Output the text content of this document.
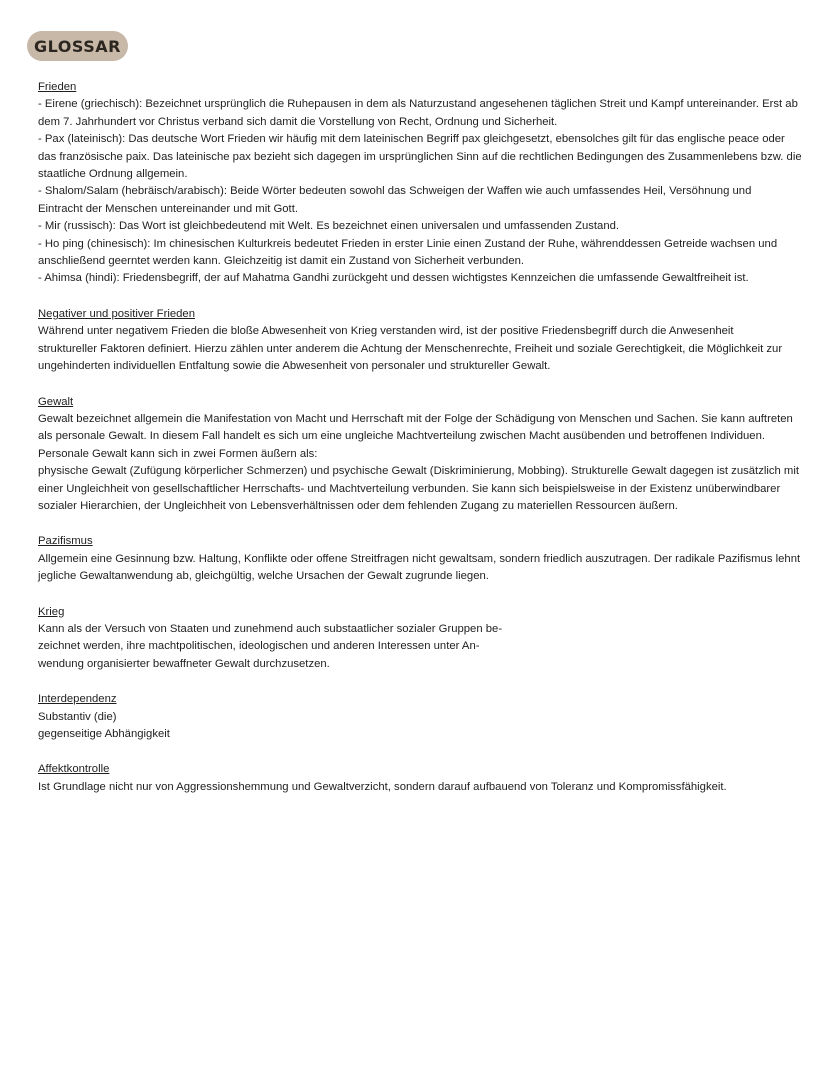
GLOSSAR
Frieden
- Eirene (griechisch): Bezeichnet ursprünglich die Ruhepausen in dem als Naturzustand angesehenen täglichen Streit und Kampf untereinander. Erst ab
dem 7. Jahrhundert vor Christus verband sich damit die Vorstellung von Recht, Ordnung und Sicherheit.
- Pax (lateinisch): Das deutsche Wort Frieden wir häufig mit dem lateinischen Begriff pax gleichgesetzt, ebensolches gilt für das englische peace oder
das französische paix. Das lateinische pax bezieht sich dagegen im ursprünglichen Sinn auf die rechtlichen Bedingungen des Zusammenlebens bzw. die
staatliche Ordnung allgemein.
- Shalom/Salam (hebräisch/arabisch): Beide Wörter bedeuten sowohl das Schweigen der Waffen wie auch umfassendes Heil, Versöhnung und
Eintracht der Menschen untereinander und mit Gott.
- Mir (russisch): Das Wort ist gleichbedeutend mit Welt. Es bezeichnet einen universalen und umfassenden Zustand.
- Ho ping (chinesisch): Im chinesischen Kulturkreis bedeutet Frieden in erster Linie einen Zustand der Ruhe, währenddessen Getreide wachsen und
anschließend geerntet werden kann. Gleichzeitig ist damit ein Zustand von Sicherheit verbunden.
- Ahimsa (hindi): Friedensbegriff, der auf Mahatma Gandhi zurückgeht und dessen wichtigstes Kennzeichen die umfassende Gewaltfreiheit ist.
Negativer und positiver Frieden
Während unter negativem Frieden die bloße Abwesenheit von Krieg verstanden wird, ist der positive Friedensbegriff durch die Anwesenheit
struktureller Faktoren definiert. Hierzu zählen unter anderem die Achtung der Menschenrechte, Freiheit und soziale Gerechtigkeit, die Möglichkeit zur
ungehinderten individuellen Entfaltung sowie die Abwesenheit von personaler und struktureller Gewalt.
Gewalt
Gewalt bezeichnet allgemein die Manifestation von Macht und Herrschaft mit der Folge der Schädigung von Menschen und Sachen. Sie kann auftreten
als personale Gewalt. In diesem Fall handelt es sich um eine ungleiche Machtverteilung zwischen Macht ausübenden und betroffenen Individuen.
Personale Gewalt kann sich in zwei Formen äußern als:
physische Gewalt (Zufügung körperlicher Schmerzen) und psychische Gewalt (Diskriminierung, Mobbing). Strukturelle Gewalt dagegen ist zusätzlich mit
einer Ungleichheit von gesellschaftlicher Herrschafts- und Machtverteilung verbunden. Sie kann sich beispielsweise in der Existenz unüberwindbarer
sozialer Hierarchien, der Ungleichheit von Lebensverhältnissen oder dem fehlenden Zugang zu materiellen Ressourcen äußern.
Pazifismus
Allgemein eine Gesinnung bzw. Haltung, Konflikte oder offene Streitfragen nicht gewaltsam, sondern friedlich auszutragen. Der radikale Pazifismus lehnt
jegliche Gewaltanwendung ab, gleichgültig, welche Ursachen der Gewalt zugrunde liegen.
Krieg
Kann als der Versuch von Staaten und zunehmend auch substaatlicher sozialer Gruppen be-
zeichnet werden, ihre machtpolitischen, ideologischen und anderen Interessen unter An-
wendung organisierter bewaffneter Gewalt durchzusetzen.
Interdependenz
Substantiv (die)
gegenseitige Abhängigkeit
Affektkontrolle
Ist Grundlage nicht nur von Aggressionshemmung und Gewaltverzicht, sondern darauf aufbauend von Toleranz und Kompromissfähigkeit.
